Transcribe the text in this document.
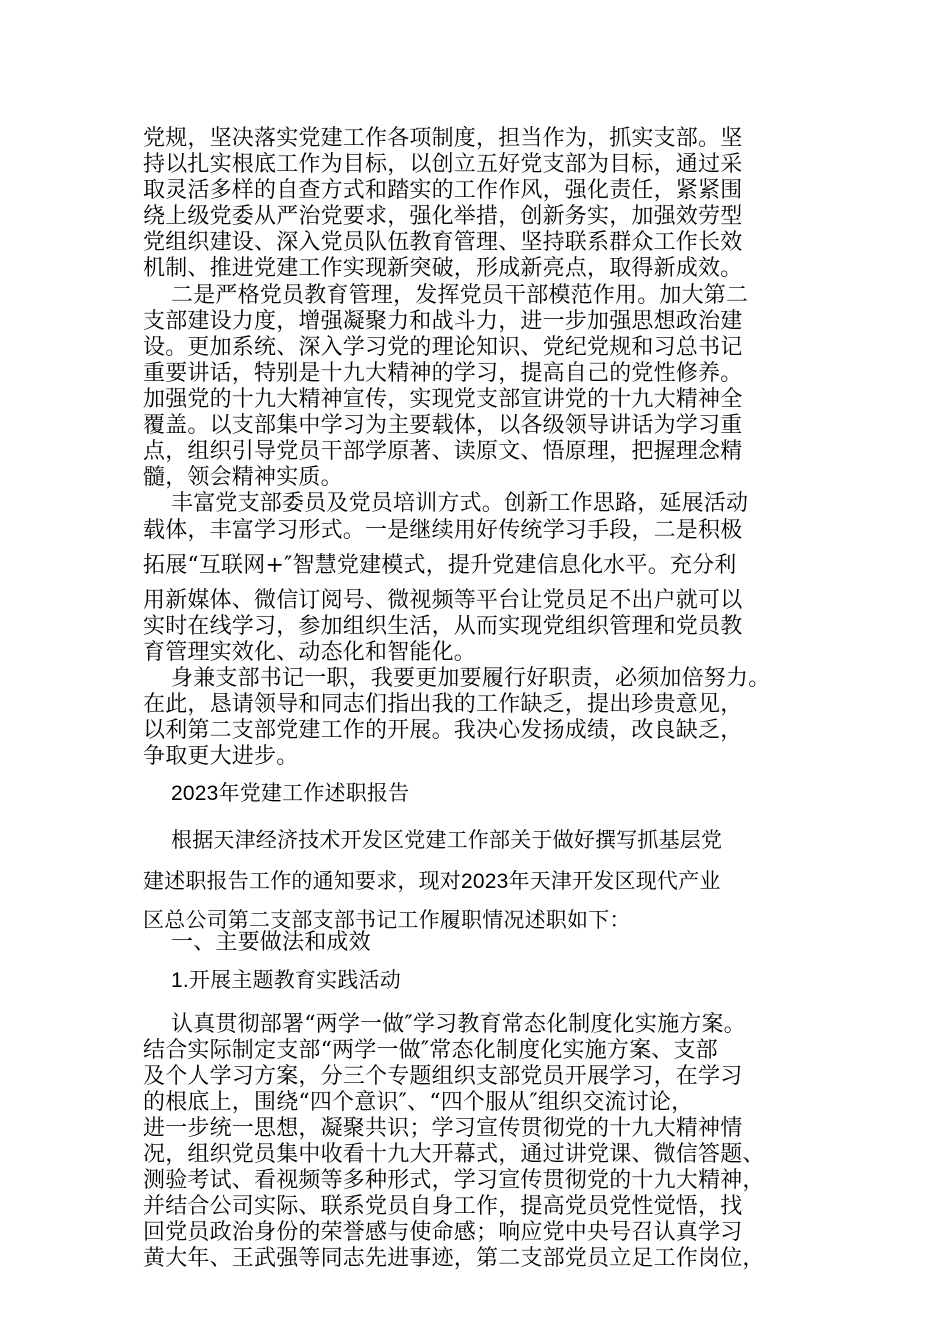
党规，坚决落实党建工作各项制度，担当作为，抓实支部。坚
持以扎实根底工作为目标，以创立五好党支部为目标，通过采
取灵活多样的自查方式和踏实的工作作风，强化责任，紧紧围
绕上级党委从严治党要求，强化举措，创新务实，加强效劳型
党组织建设、深入党员队伍教育管理、坚持联系群众工作长效
机制、推进党建工作实现新突破，形成新亮点，取得新成效。
二是严格党员教育管理，发挥党员干部模范作用。加大第二
支部建设力度，增强凝聚力和战斗力，进一步加强思想政治建
设。更加系统、深入学习党的理论知识、党纪党规和习总书记
重要讲话，特别是十九大精神的学习，提高自己的党性修养。
加强党的十九大精神宣传，实现党支部宣讲党的十九大精神全
覆盖。以支部集中学习为主要载体，以各级领导讲话为学习重
点，组织引导党员干部学原著、读原文、悟原理，把握理念精
髓，领会精神实质。
丰富党支部委员及党员培训方式。创新工作思路，延展活动
载体，丰富学习形式。一是继续用好传统学习手段，二是积极
拓展“互联网+″智慧党建模式，提升党建信息化水平。充分利
用新媒体、微信订阅号、微视频等平台让党员足不出户就可以
实时在线学习，参加组织生活，从而实现党组织管理和党员教
育管理实效化、动态化和智能化。
身兼支部书记一职，我要更加要履行好职责，必须加倍努力。
在此，恳请领导和同志们指出我的工作缺乏，提出珍贵意见，
以利第二支部党建工作的开展。我决心发扬成绩，改良缺乏，
争取更大进步。
2023年党建工作述职报告
根据天津经济技术开发区党建工作部关于做好撰写抓基层党
建述职报告工作的通知要求，现对2023年天津开发区现代产业
区总公司第二支部支部书记工作履职情况述职如下：
一、主要做法和成效
1.开展主题教育实践活动
认真贯彻部署“两学一做″学习教育常态化制度化实施方案。
结合实际制定支部“两学一做″常态化制度化实施方案、支部
及个人学习方案，分三个专题组织支部党员开展学习，在学习
的根底上，围绕“四个意识″、“四个服从″组织交流讨论，
进一步统一思想，凝聚共识；学习宣传贯彻党的十九大精神情
况，组织党员集中收看十九大开幕式，通过讲党课、微信答题、
测验考试、看视频等多种形式，学习宣传贯彻党的十九大精神，
并结合公司实际、联系党员自身工作，提高党员党性觉悟，找
回党员政治身份的荣誉感与使命感；响应党中央号召认真学习
黄大年、王武强等同志先进事迹，第二支部党员立足工作岗位，
